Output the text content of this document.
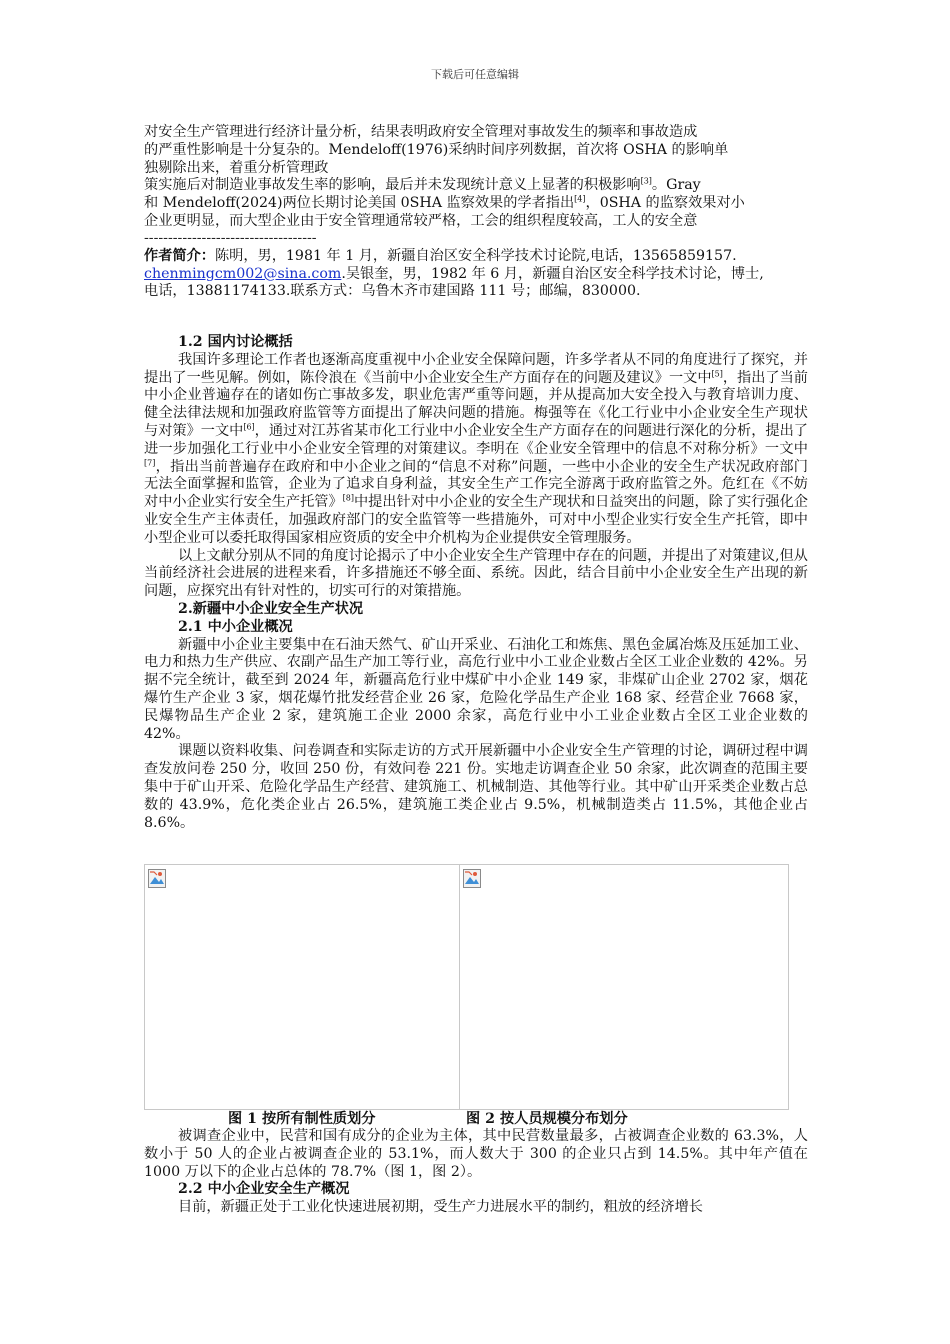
下载后可任意编辑

对安全生产管理进行经济计量分析，结果表明政府安全管理对事故发生的频率和事故造成

的严重性影响是十分复杂的。Mendeloff(1976)采纳时间序列数据，首次将 OSHA 的影响单

独剔除出来，着重分析管理政

策实施后对制造业事故发生率的影响，最后并未发现统计意义上显著的积极影响[3]。Gray

和 Mendeloff(2024)两位长期讨论美国 0SHA 监察效果的学者指出[4]，0SHA 的监察效果对小

企业更明显，而大型企业由于安全管理通常较严格，工会的组织程度较高，工人的安全意

------------------------------------

作者简介：陈明，男，1981 年 1 月，新疆自治区安全科学技术讨论院,电话，13565859157.

chenmingcm002@sina.com.吴银奎，男，1982 年 6 月，新疆自治区安全科学技术讨论，博士,

电话，13881174133.联系方式：乌鲁木齐市建国路 111 号；邮编，830000.

1.2 国内讨论概括

我国许多理论工作者也逐渐高度重视中小企业安全保障问题，许多学者从不同的角度进行了探究，并提出了一些见解。例如，陈伶浪在《当前中小企业安全生产方面存在的问题及建议》一文中[5]，指出了当前中小企业普遍存在的诸如伤亡事故多发，职业危害严重等问题，并从提高加大安全投入与教育培训力度、健全法律法规和加强政府监管等方面提出了解决问题的措施。梅强等在《化工行业中小企业安全生产现状与对策》一文中[6]，通过对江苏省某市化工行业中小企业安全生产方面存在的问题进行深化的分析，提出了进一步加强化工行业中小企业安全管理的对策建议。李明在《企业安全管理中的信息不对称分析》一文中[7]，指出当前普遍存在政府和中小企业之间的“信息不对称”问题，一些中小企业的安全生产状况政府部门无法全面掌握和监管，企业为了追求自身利益，其安全生产工作完全游离于政府监管之外。危红在《不妨对中小企业实行安全生产托管》[8]中提出针对中小企业的安全生产现状和日益突出的问题，除了实行强化企业安全生产主体责任，加强政府部门的安全监管等一些措施外，可对中小型企业实行安全生产托管，即中小型企业可以委托取得国家相应资质的安全中介机构为企业提供安全管理服务。

以上文献分别从不同的角度讨论揭示了中小企业安全生产管理中存在的问题，并提出了对策建议,但从当前经济社会进展的进程来看，许多措施还不够全面、系统。因此，结合目前中小企业安全生产出现的新问题，应探究出有针对性的，切实可行的对策措施。

2.新疆中小企业安全生产状况

2.1 中小企业概况

新疆中小企业主要集中在石油天然气、矿山开采业、石油化工和炼焦、黑色金属冶炼及压延加工业、电力和热力生产供应、农副产品生产加工等行业，高危行业中小工业企业数占全区工业企业数的 42%。另据不完全统计，截至到 2024 年，新疆高危行业中煤矿中小企业 149 家，非煤矿山企业 2702 家，烟花爆竹生产企业 3 家，烟花爆竹批发经营企业 26 家，危险化学品生产企业 168 家、经营企业 7668 家，民爆物品生产企业 2 家，建筑施工企业 2000 余家，高危行业中小工业企业数占全区工业企业数的 42%。

课题以资料收集、问卷调查和实际走访的方式开展新疆中小企业安全生产管理的讨论，调研过程中调查发放问卷 250 分，收回 250 份，有效问卷 221 份。实地走访调查企业 50 余家，此次调查的范围主要集中于矿山开采、危险化学品生产经营、建筑施工、机械制造、其他等行业。其中矿山开采类企业数占总数的 43.9%，危化类企业占 26.5%，建筑施工类企业占 9.5%，机械制造类占 11.5%，其他企业占 8.6%。

图 1 按所有制性质划分	图 2 按人员规模分布划分

被调查企业中，民营和国有成分的企业为主体，其中民营数量最多，占被调查企业数的 63.3%，人数小于 50 人的企业占被调查企业的 53.1%，而人数大于 300 的企业只占到 14.5%。其中年产值在 1000 万以下的企业占总体的 78.7%（图 1，图 2）。

2.2 中小企业安全生产概况

目前，新疆正处于工业化快速进展初期，受生产力进展水平的制约，粗放的经济增长
